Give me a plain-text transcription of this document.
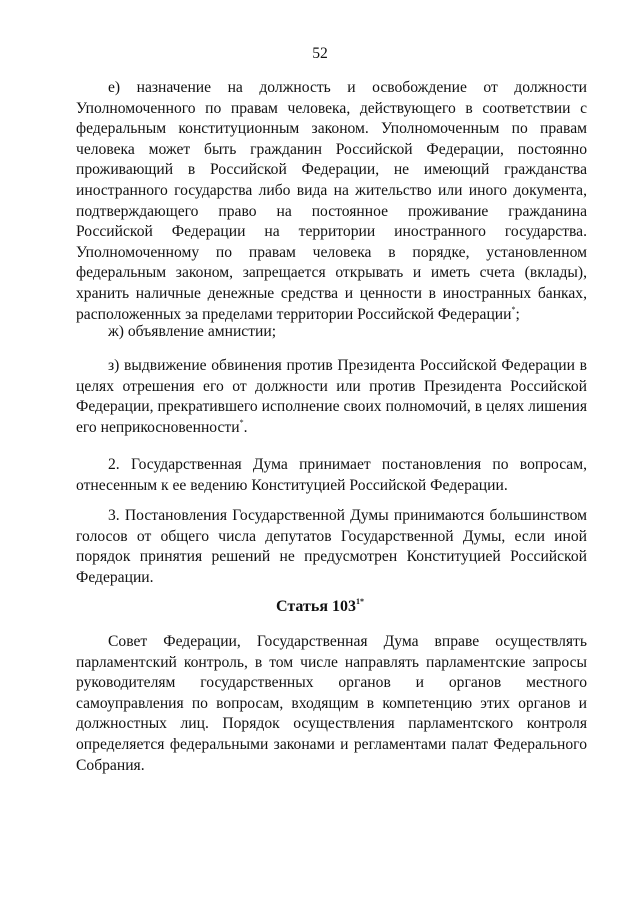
52
е) назначение на должность и освобождение от должности Уполномоченного по правам человека, действующего в соответствии с федеральным конституционным законом. Уполномоченным по правам человека может быть гражданин Российской Федерации, постоянно проживающий в Российской Федерации, не имеющий гражданства иностранного государства либо вида на жительство или иного документа, подтверждающего право на постоянное проживание гражданина Российской Федерации на территории иностранного государства. Уполномоченному по правам человека в порядке, установленном федеральным законом, запрещается открывать и иметь счета (вклады), хранить наличные денежные средства и ценности в иностранных банках, расположенных за пределами территории Российской Федерации*;
ж) объявление амнистии;
з) выдвижение обвинения против Президента Российской Федерации в целях отрешения его от должности или против Президента Российской Федерации, прекратившего исполнение своих полномочий, в целях лишения его неприкосновенности*.
2. Государственная Дума принимает постановления по вопросам, отнесенным к ее ведению Конституцией Российской Федерации.
3. Постановления Государственной Думы принимаются большинством голосов от общего числа депутатов Государственной Думы, если иной порядок принятия решений не предусмотрен Конституцией Российской Федерации.
Статья 103$^{1*}$
Совет Федерации, Государственная Дума вправе осуществлять парламентский контроль, в том числе направлять парламентские запросы руководителям государственных органов и органов местного самоуправления по вопросам, входящим в компетенцию этих органов и должностных лиц. Порядок осуществления парламентского контроля определяется федеральными законами и регламентами палат Федерального Собрания.
